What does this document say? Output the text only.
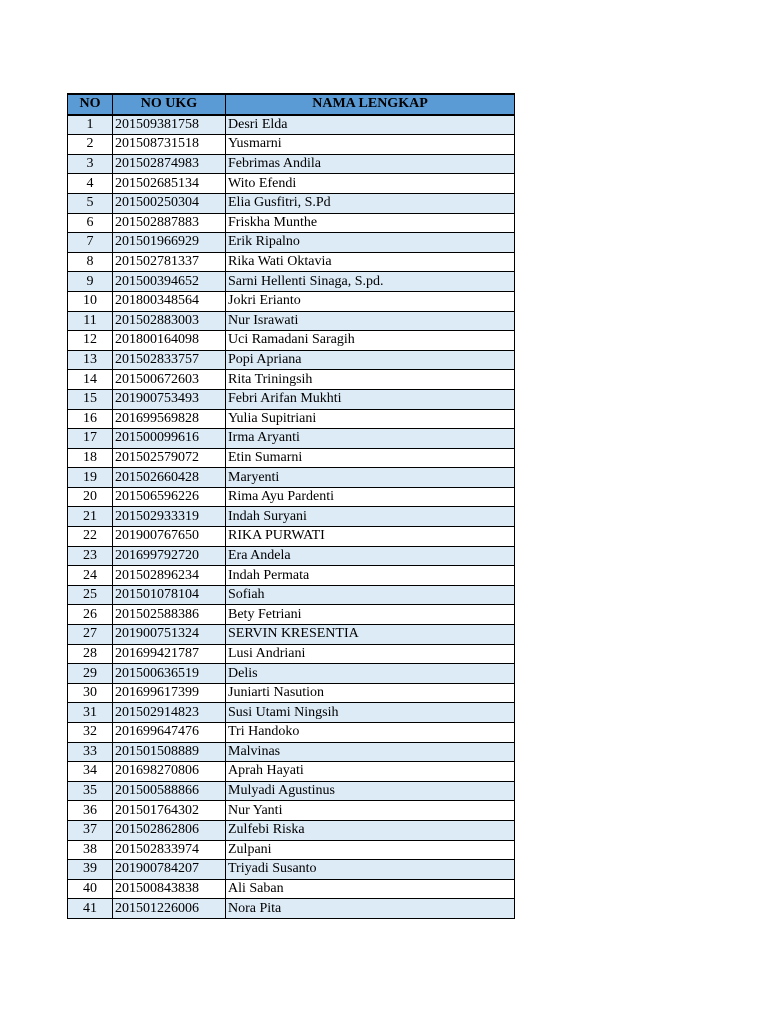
NO	NO UKG	NAMA LENGKAP
1	201509381758	Desri Elda
2	201508731518	Yusmarni
3	201502874983	Febrimas Andila
4	201502685134	Wito Efendi
5	201500250304	Elia Gusfitri, S.Pd
6	201502887883	Friskha Munthe
7	201501966929	Erik Ripalno
8	201502781337	Rika Wati Oktavia
9	201500394652	Sarni Hellenti Sinaga, S.pd.
10	201800348564	Jokri Erianto
11	201502883003	Nur Israwati
12	201800164098	Uci Ramadani Saragih
13	201502833757	Popi Apriana
14	201500672603	Rita Triningsih
15	201900753493	Febri Arifan Mukhti
16	201699569828	Yulia Supitriani
17	201500099616	Irma Aryanti
18	201502579072	Etin Sumarni
19	201502660428	Maryenti
20	201506596226	Rima Ayu Pardenti
21	201502933319	Indah Suryani
22	201900767650	RIKA PURWATI
23	201699792720	Era Andela
24	201502896234	Indah Permata
25	201501078104	Sofiah
26	201502588386	Bety Fetriani
27	201900751324	SERVIN KRESENTIA
28	201699421787	Lusi Andriani
29	201500636519	Delis
30	201699617399	Juniarti Nasution
31	201502914823	Susi Utami Ningsih
32	201699647476	Tri Handoko
33	201501508889	Malvinas
34	201698270806	Aprah Hayati
35	201500588866	Mulyadi Agustinus
36	201501764302	Nur Yanti
37	201502862806	Zulfebi Riska
38	201502833974	Zulpani
39	201900784207	Triyadi Susanto
40	201500843838	Ali Saban
41	201501226006	Nora Pita
